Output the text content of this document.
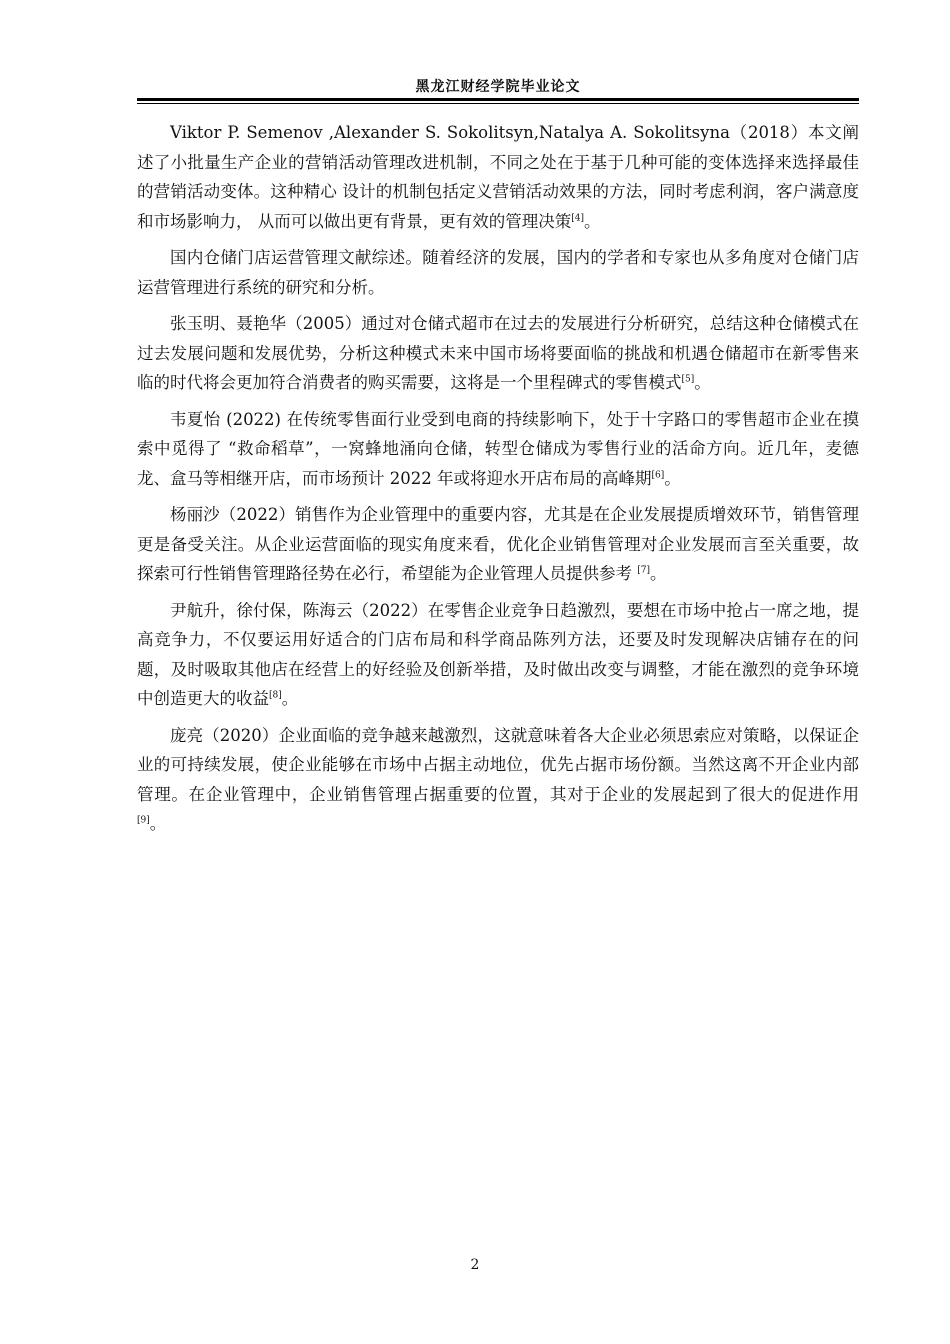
黑龙江财经学院毕业论文

Viktor P. Semenov ,Alexander S. Sokolitsyn,Natalya A. Sokolitsyna（2018）本文阐述了小批量生产企业的营销活动管理改进机制，不同之处在于基于几种可能的变体选择来选择最佳的营销活动变体。这种精心 设计的机制包括定义营销活动效果的方法，同时考虑利润，客户满意度和市场影响力， 从而可以做出更有背景，更有效的管理决策[4]。

国内仓储门店运营管理文献综述。随着经济的发展，国内的学者和专家也从多角度对仓储门店运营管理进行系统的研究和分析。

张玉明、聂艳华（2005）通过对仓储式超市在过去的发展进行分析研究，总结这种仓储模式在过去发展问题和发展优势，分析这种模式未来中国市场将要面临的挑战和机遇仓储超市在新零售来临的时代将会更加符合消费者的购买需要，这将是一个里程碑式的零售模式[5]。

韦夏怡 (2022) 在传统零售面行业受到电商的持续影响下，处于十字路口的零售超市企业在摸索中觅得了 “救命稻草”，一窝蜂地涌向仓储，转型仓储成为零售行业的活命方向。近几年，麦德龙、盒马等相继开店，而市场预计 2022 年或将迎水开店布局的高峰期[6]。

杨丽沙（2022）销售作为企业管理中的重要内容，尤其是在企业发展提质增效环节，销售管理更是备受关注。从企业运营面临的现实角度来看，优化企业销售管理对企业发展而言至关重要，故探索可行性销售管理路径势在必行，希望能为企业管理人员提供参考 [7]。

尹航升，徐付保，陈海云（2022）在零售企业竞争日趋激烈，要想在市场中抢占一席之地，提高竞争力，不仅要运用好适合的门店布局和科学商品陈列方法，还要及时发现解决店铺存在的问题，及时吸取其他店在经营上的好经验及创新举措，及时做出改变与调整，才能在激烈的竞争环境中创造更大的收益[8]。

庞亮（2020）企业面临的竞争越来越激烈，这就意味着各大企业必须思索应对策略，以保证企业的可持续发展，使企业能够在市场中占据主动地位，优先占据市场份额。当然这离不开企业内部管理。在企业管理中，企业销售管理占据重要的位置，其对于企业的发展起到了很大的促进作用[9]。

2
